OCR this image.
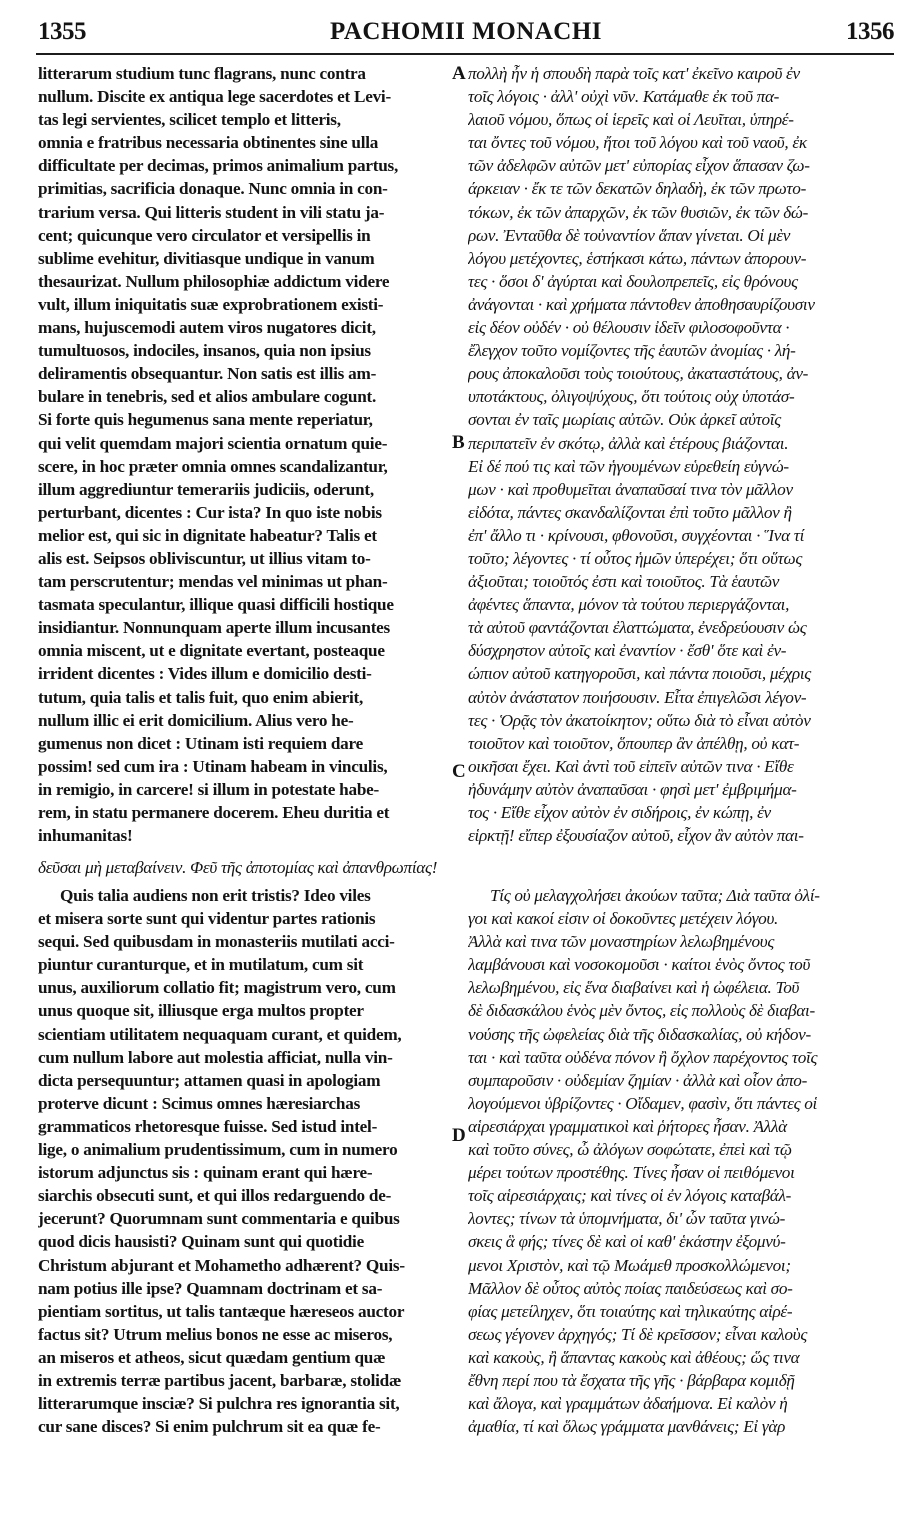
1355	PACHOMII MONACHI	1356
litterarum studium tunc flagrans, nunc contra
nullum. Discite ex antiqua lege sacerdotes et Levi-
tas legi servientes, scilicet templo et litteris,
omnia e fratribus necessaria obtinentes sine ulla
difficultate per decimas, primos animalium partus,
primitias, sacrificia donaque. Nunc omnia in con-
trarium versa. Qui litteris student in vili statu ja-
cent; quicunque vero circulator et versipellis in
sublime evehitur, divitiasque undique in vanum
thesaurizat. Nullum philosophiæ addictum videre
vult, illum iniquitatis suæ exprobrationem existi-
mans, hujuscemodi autem viros nugatores dicit,
tumultuosos, indociles, insanos, quia non ipsius
deliramentis obsequantur. Non satis est illis am-
bulare in tenebris, sed et alios ambulare cogunt.
Si forte quis hegumenus sana mente reperiatur,
qui velit quemdam majori scientia ornatum quie-
scere, in hoc præter omnia omnes scandalizantur,
illum aggrediuntur temerariis judiciis, oderunt,
perturbant, dicentes : Cur ista? In quo iste nobis
melior est, qui sic in dignitate habeatur? Talis et
alis est. Seipsos obliviscuntur, ut illius vitam to-
tam perscrutentur; mendas vel minimas ut phan-
tasmata speculantur, illique quasi difficili hostique
insidiantur. Nonnunquam aperte illum incusantes
omnia miscent, ut e dignitate evertant, posteaque
irrident dicentes : Vides illum e domicilio desti-
tutum, quia talis et talis fuit, quo enim abierit,
nullum illic ei erit domicilium. Alius vero he-
gumenus non dicet : Utinam isti requiem dare
possim! sed cum ira : Utinam habeam in vinculis,
in remigio, in carcere! si illum in potestate habe-
rem, in statu permanere docerem. Eheu duritia et
inhumanitas!
πολλὴ ἦν ἡ σπουδὴ παρὰ τοῖς κατ' ἐκεῖνο καιροῦ ἐν
τοῖς λόγοις · ἀλλ' οὐχὶ νῦν. Κατάμαθε ἐκ τοῦ πα-
λαιοῦ νόμου, ὅπως οἱ ἱερεῖς καὶ οἱ Λευῖται, ὑπηρέ-
ται ὄντες τοῦ νόμου, ἤτοι τοῦ λόγου καὶ τοῦ ναοῦ, ἐκ
τῶν ἀδελφῶν αὐτῶν μετ' εὐπορίας εἶχον ἅπασαν ζω-
άρκειαν · ἔκ τε τῶν δεκατῶν δηλαδὴ, ἐκ τῶν πρωτο-
τόκων, ἐκ τῶν ἀπαρχῶν, ἐκ τῶν θυσιῶν, ἐκ τῶν δώ-
ρων. Ἐνταῦθα δὲ τοὐναντίον ἅπαν γίνεται. Οἱ μὲν
λόγου μετέχοντες, ἑστήκασι κάτω, πάντων ἀπορουν-
τες · ὅσοι δ' ἀγύρται καὶ δουλοπρεπεῖς, εἰς θρόνους
ἀνάγονται · καὶ χρήματα πάντοθεν ἀποθησαυρίζουσιν
εἰς δέον οὐδέν · οὐ θέλουσιν ἰδεῖν φιλοσοφοῦντα ·
ἔλεγχον τοῦτο νομίζοντες τῆς ἑαυτῶν ἀνομίας · λή-
ρους ἀποκαλοῦσι τοὺς τοιούτους, ἀκαταστάτους, ἀν-
υποτάκτους, ὀλιγοψύχους, ὅτι τούτοις οὐχ ὑποτάσ-
σονται ἐν ταῖς μωρίαις αὐτῶν. Οὐκ ἀρκεῖ αὐτοῖς
περιπατεῖν ἐν σκότῳ, ἀλλὰ καὶ ἑτέρους βιάζονται.
Εἰ δέ πού τις καὶ τῶν ἡγουμένων εὑρεθείη εὐγνώ-
μων · καὶ προθυμεῖται ἀναπαῦσαί τινα τὸν μᾶλλον
εἰδότα, πάντες σκανδαλίζονται ἐπὶ τοῦτο μᾶλλον ἢ
ἐπ' ἄλλο τι · κρίνουσι, φθονοῦσι, συγχέονται · Ἵνα τί
τοῦτο; λέγοντες · τί οὗτος ἡμῶν ὑπερέχει; ὅτι οὕτως
ἀξιοῦται; τοιοῦτός ἐστι καὶ τοιοῦτος. Τὰ ἑαυτῶν
ἀφέντες ἅπαντα, μόνον τὰ τούτου περιεργάζονται,
τὰ αὐτοῦ φαντάζονται ἐλαττώματα, ἐνεδρεύουσιν ὡς
δύσχρηστον αὐτοῖς καὶ ἐναντίον · ἔσθ' ὅτε καὶ ἐν-
ώπιον αὐτοῦ κατηγοροῦσι, καὶ πάντα ποιοῦσι, μέχρις
αὐτὸν ἀνάστατον ποιήσουσιν. Εἶτα ἐπιγελῶσι λέγον-
τες · Ὁρᾷς τὸν ἀκατοίκητον; οὕτω διὰ τὸ εἶναι αὐτὸν
τοιοῦτον καὶ τοιοῦτον, ὅπουπερ ἂν ἀπέλθῃ, οὐ κατ-
οικῆσαι ἔχει. Καὶ ἀντὶ τοῦ εἰπεῖν αὐτῶν τινα · Εἴθε
ἠδυνάμην αὐτὸν ἀναπαῦσαι · φησὶ μετ' ἐμβριμήμα-
τος · Εἴθε εἶχον αὐτὸν ἐν σιδήροις, ἐν κώπῃ, ἐν
εἱρκτῇ! εἴπερ ἐξουσίαζον αὐτοῦ, εἶχον ἂν αὐτὸν παι-
A
B
C
D
δεῦσαι μὴ μεταβαίνειν. Φεῦ τῆς ἀποτομίας καὶ ἀπανθρωπίας!
Quis talia audiens non erit tristis? Ideo viles
et misera sorte sunt qui videntur partes rationis
sequi. Sed quibusdam in monasteriis mutilati acci-
piuntur curanturque, et in mutilatum, cum sit
unus, auxiliorum collatio fit; magistrum vero, cum
unus quoque sit, illiusque erga multos propter
scientiam utilitatem nequaquam curant, et quidem,
cum nullum labore aut molestia afficiat, nulla vin-
dicta persequuntur; attamen quasi in apologiam
proterve dicunt : Scimus omnes hæresiarchas
grammaticos rhetoresque fuisse. Sed istud intel-
lige, o animalium prudentissimum, cum in numero
istorum adjunctus sis : quinam erant qui hære-
siarchis obsecuti sunt, et qui illos redarguendo de-
jecerunt? Quorumnam sunt commentaria e quibus
quod dicis hausisti? Quinam sunt qui quotidie
Christum abjurant et Mohametho adhærent? Quis-
nam potius ille ipse? Quamnam doctrinam et sa-
pientiam sortitus, ut talis tantæque hæreseos auctor
factus sit? Utrum melius bonos ne esse ac miseros,
an miseros et atheos, sicut quædam gentium quæ
in extremis terræ partibus jacent, barbaræ, stolidæ
litterarumque insciæ? Si pulchra res ignorantia sit,
cur sane disces? Si enim pulchrum sit ea quæ fe-
Τίς οὐ μελαγχολήσει ἀκούων ταῦτα; Διὰ ταῦτα ὀλί-
γοι καὶ κακοί εἰσιν οἱ δοκοῦντες μετέχειν λόγου.
Ἀλλὰ καὶ τινα τῶν μοναστηρίων λελωβημένους
λαμβάνουσι καὶ νοσοκομοῦσι · καίτοι ἑνὸς ὄντος τοῦ
λελωβημένου, εἰς ἕνα διαβαίνει καὶ ἡ ὠφέλεια. Τοῦ
δὲ διδασκάλου ἑνὸς μὲν ὄντος, εἰς πολλοὺς δὲ διαβαι-
νούσης τῆς ὠφελείας διὰ τῆς διδασκαλίας, οὐ κήδον-
ται · καὶ ταῦτα οὐδένα πόνον ἢ ὄχλον παρέχοντος τοῖς
συμπαροῦσιν · οὐδεμίαν ζημίαν · ἀλλὰ καὶ οἷον ἀπο-
λογούμενοι ὑβρίζοντες · Οἴδαμεν, φασὶν, ὅτι πάντες οἱ
αἱρεσιάρχαι γραμματικοὶ καὶ ῥήτορες ἦσαν. Ἀλλὰ
καὶ τοῦτο σύνες, ὦ ἀλόγων σοφώτατε, ἐπεὶ καὶ τῷ
μέρει τούτων προστέθης. Τίνες ἦσαν οἱ πειθόμενοι
τοῖς αἱρεσιάρχαις; καὶ τίνες οἱ ἐν λόγοις καταβάλ-
λοντες; τίνων τὰ ὑπομνήματα, δι' ὧν ταῦτα γινώ-
σκεις ἃ φής; τίνες δὲ καὶ οἱ καθ' ἑκάστην ἐξομνύ-
μενοι Χριστὸν, καὶ τῷ Μωάμεθ προσκολλώμενοι;
Μᾶλλον δὲ οὗτος αὐτὸς ποίας παιδεύσεως καὶ σο-
φίας μετείληχεν, ὅτι τοιαύτης καὶ τηλικαύτης αἱρέ-
σεως γέγονεν ἀρχηγός; Τί δὲ κρεῖσσον; εἶναι καλοὺς
καὶ κακοὺς, ἢ ἅπαντας κακοὺς καὶ ἀθέους; ὥς τινα
ἔθνη περί που τὰ ἔσχατα τῆς γῆς · βάρβαρα κομιδῇ
καὶ ἄλογα, καὶ γραμμάτων ἀδαήμονα. Εἰ καλὸν ἡ
ἀμαθία, τί καὶ ὅλως γράμματα μανθάνεις; Εἰ γὰρ
